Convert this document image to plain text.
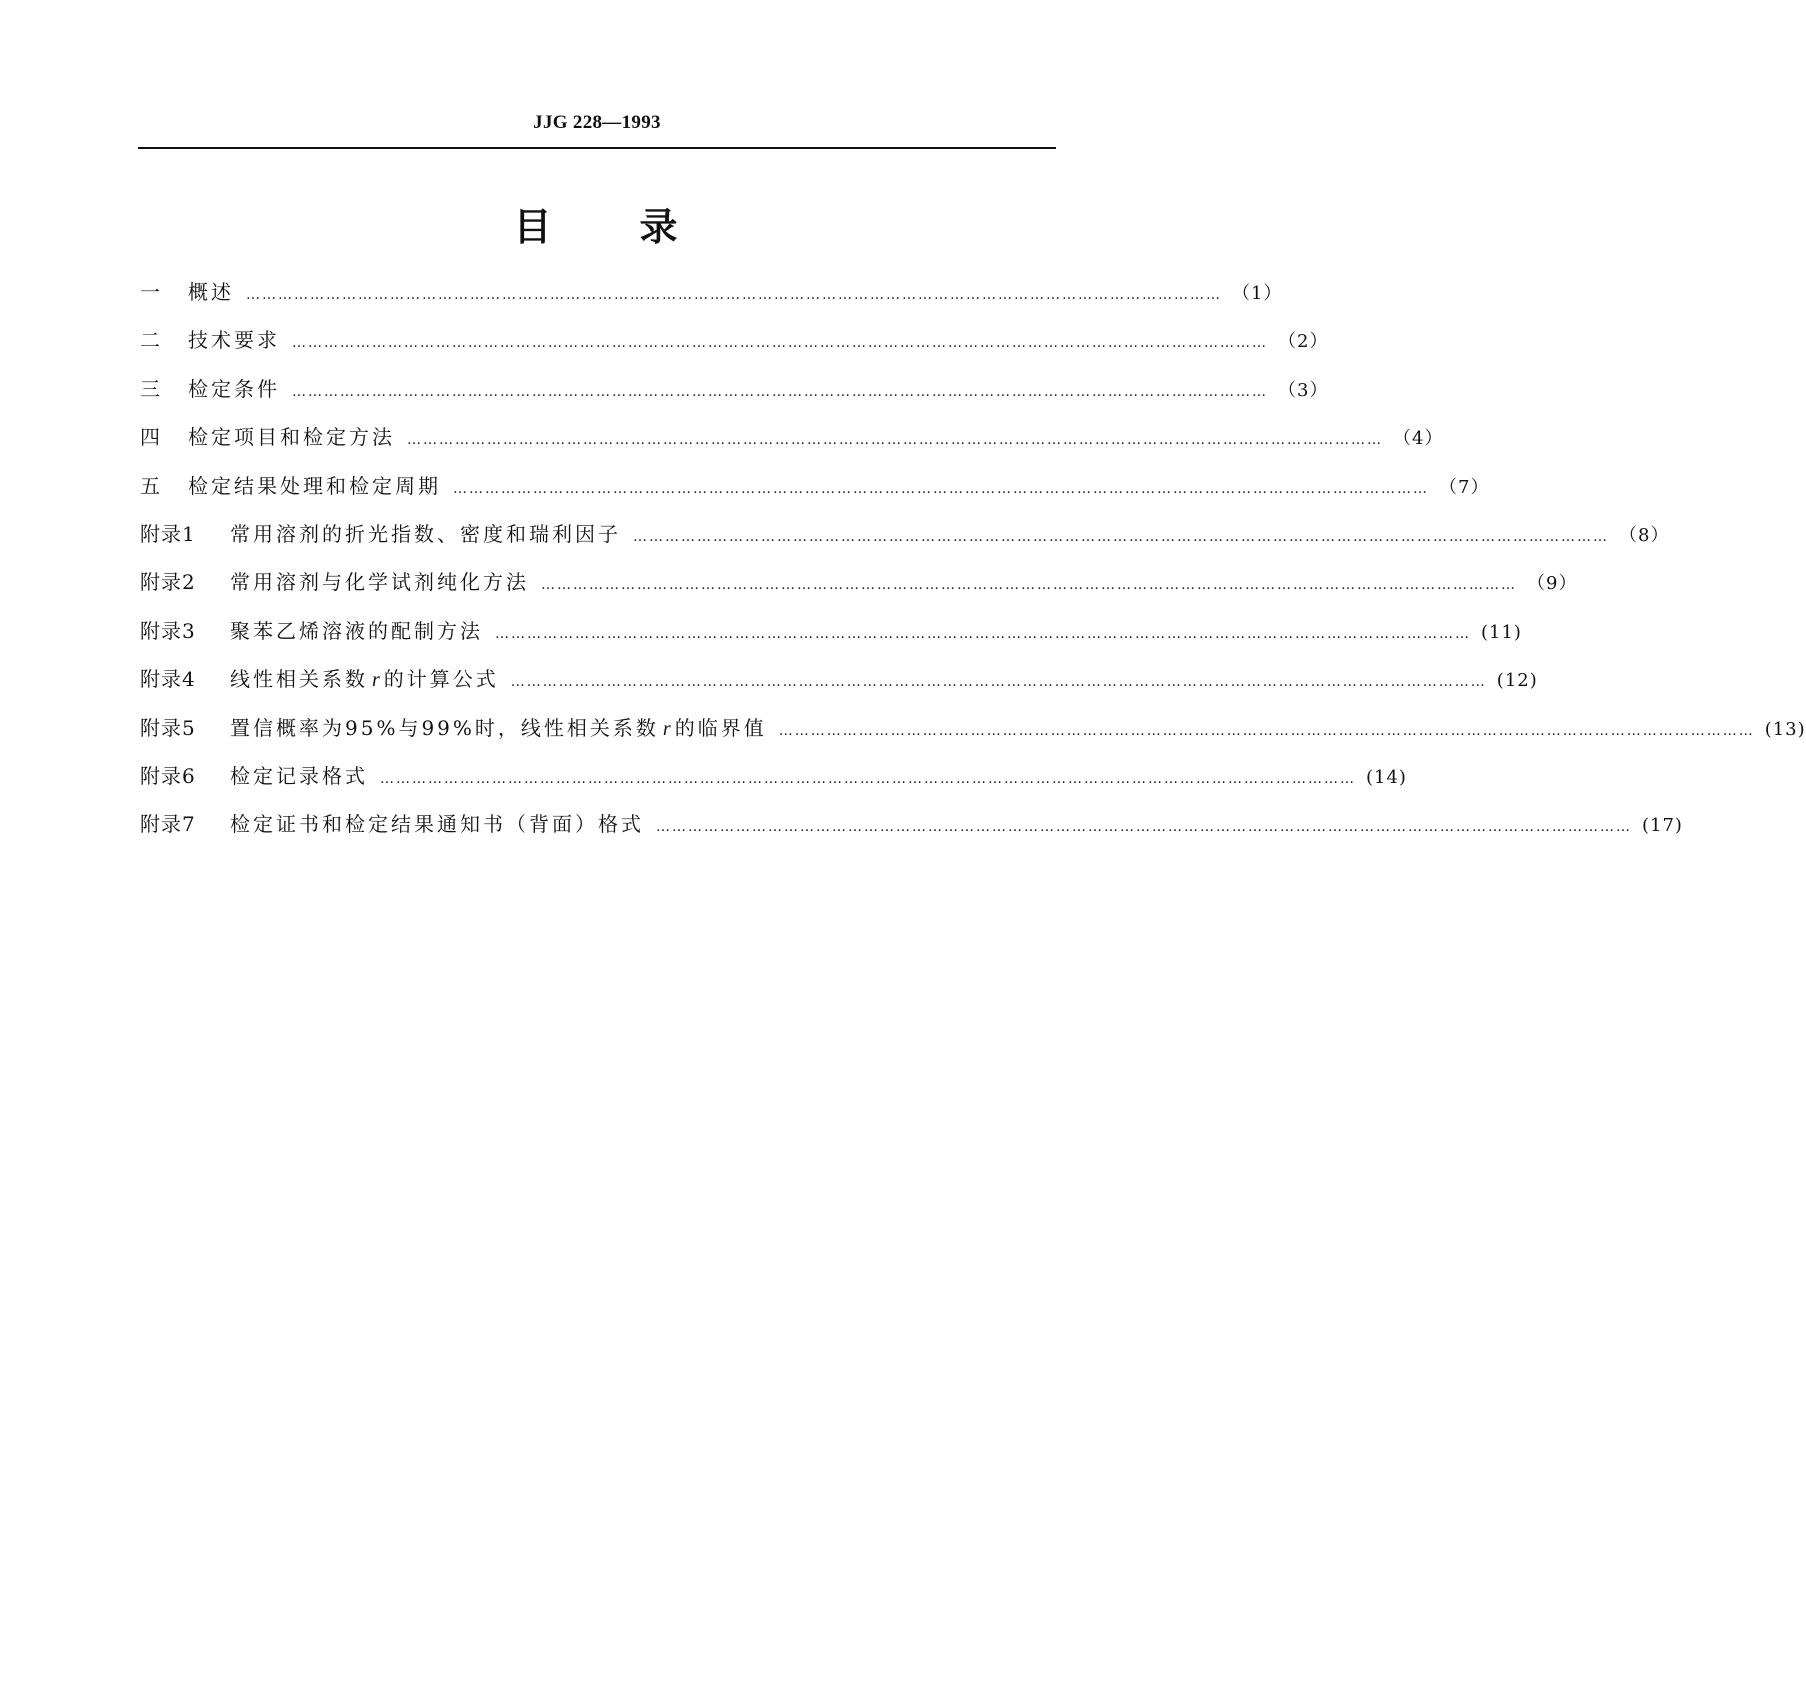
JJG 228—1993
目 录
一	概述 ………………………………………………………………………………………………………………………………………………………………… （1）
二	技术要求 ………………………………………………………………………………………………………………………………………………………………… （2）
三	检定条件 ………………………………………………………………………………………………………………………………………………………………… （3）
四	检定项目和检定方法 ………………………………………………………………………………………………………………………………………………………………… （4）
五	检定结果处理和检定周期 ………………………………………………………………………………………………………………………………………………………………… （7）
附录1	常用溶剂的折光指数、密度和瑞利因子 ………………………………………………………………………………………………………………………………………………………………… （8）
附录2	常用溶剂与化学试剂纯化方法 ………………………………………………………………………………………………………………………………………………………………… （9）
附录3	聚苯乙烯溶液的配制方法 ………………………………………………………………………………………………………………………………………………………………… (11)
附录4	线性相关系数 r 的计算公式 ………………………………………………………………………………………………………………………………………………………………… (12)
附录5	置信概率为95%与99%时，线性相关系数 r 的临界值 ………………………………………………………………………………………………………………………………………………………………… (13)
附录6	检定记录格式 ………………………………………………………………………………………………………………………………………………………………… (14)
附录7	检定证书和检定结果通知书（背面）格式 ………………………………………………………………………………………………………………………………………………………………… (17)
